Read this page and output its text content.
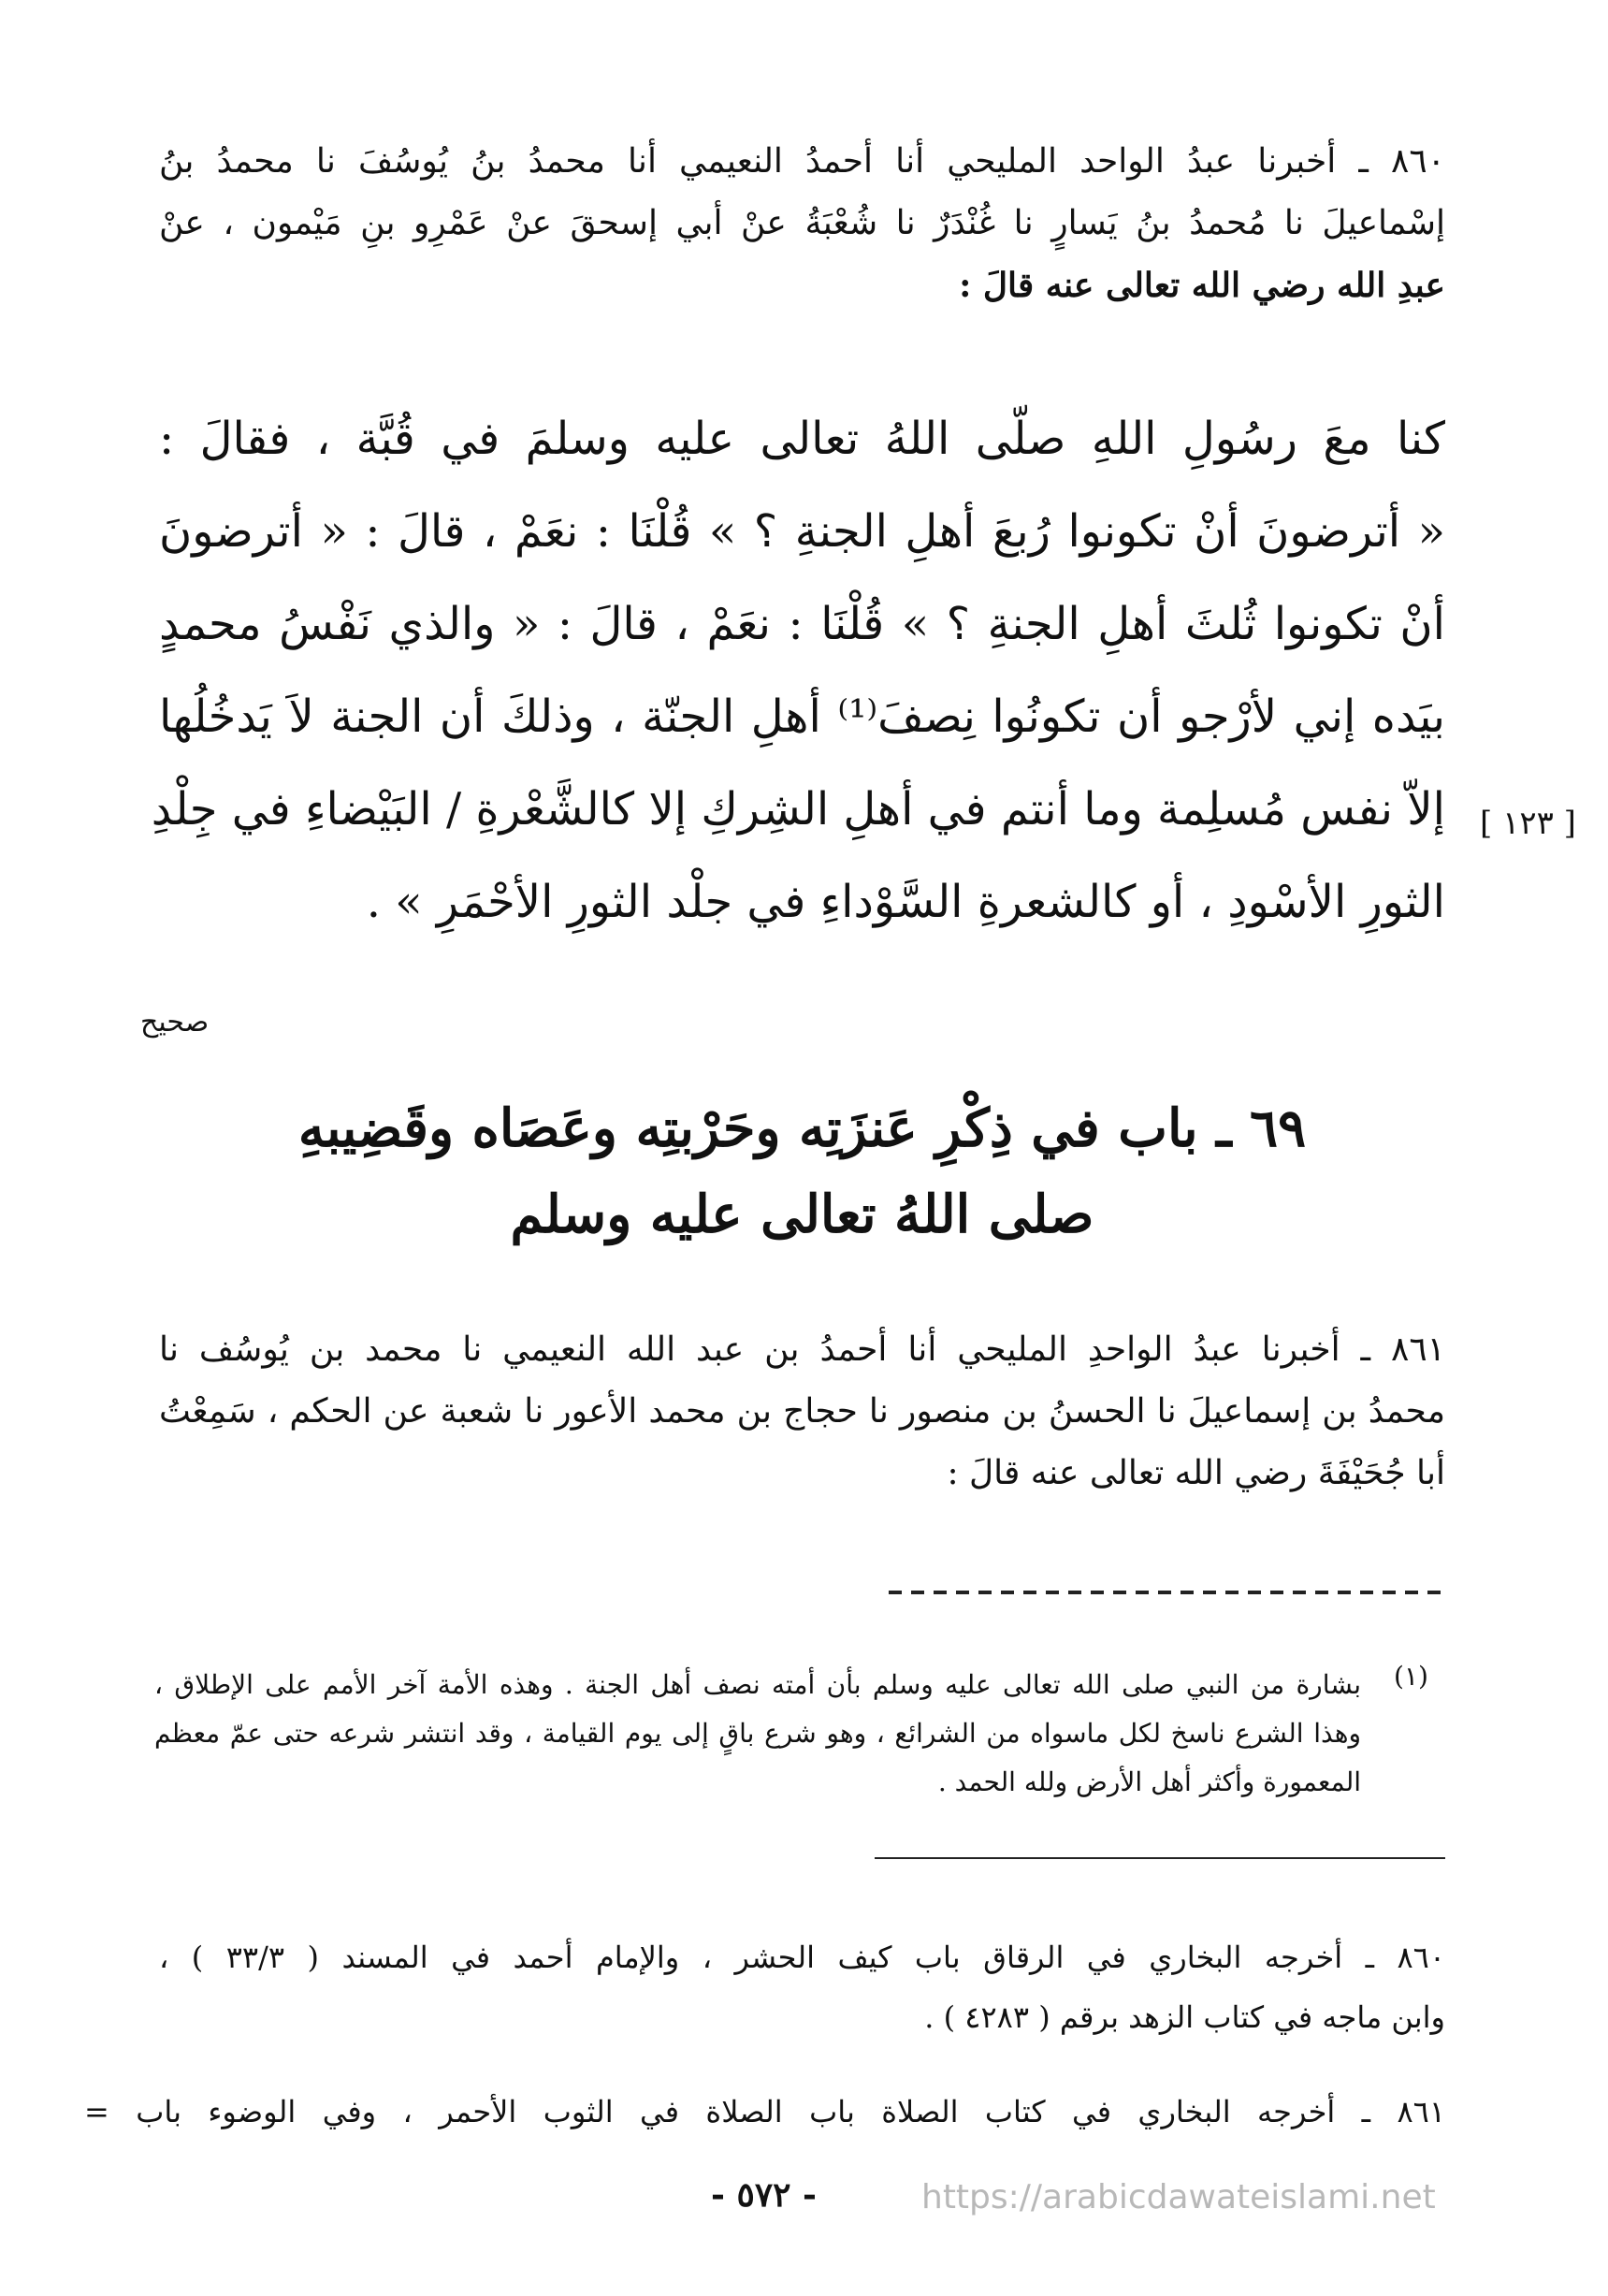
٨٦٠ ـ أخبرنا عبدُ الواحد المليحي أنا أحمدُ النعيمي أنا محمدُ بنُ يُوسُفَ نا محمدُ بنُ
إسْماعيلَ نا مُحمدُ بنُ يَسارٍ نا غُنْدَرٌ نا شُعْبَةُ عنْ أبي إسحقَ عنْ عَمْرِو بنِ مَيْمون ، عنْ
عبدِ الله رضي الله تعالى عنه قالَ :
كنا معَ رسُولِ اللهِ صلّى اللهُ تعالى عليه وسلمَ في قُبَّة ، فقالَ :
« أترضونَ أنْ تكونوا رُبعَ أهلِ الجنةِ ؟ » قُلْنَا : نعَمْ ، قالَ : « أترضونَ
أنْ تكونوا ثُلثَ أهلِ الجنةِ ؟ » قُلْنَا : نعَمْ ، قالَ : « والذي نَفْسُ محمدٍ
بيَده إني لأرْجو أن تكونُوا نِصفَ⁽¹⁾ أهلِ الجنّة ، وذلكَ أن الجنة لاَ يَدخُلُها
إلاّ نفس مُسلِمة وما أنتم في أهلِ الشِركِ إلا كالشَّعْرةِ / البَيْضاءِ في جِلْدِ
الثورِ الأسْودِ ، أو كالشعرةِ السَّوْداءِ في جلْد الثورِ الأحْمَرِ » .
[ ١٢٣ ]
صحيح
٦٩ ـ باب في ذِكْرِ عَنزَتِه وحَرْبتِه وعَصَاه وقَضِيبهِ
صلى اللهُ تعالى عليه وسلم
٨٦١ ـ أخبرنا عبدُ الواحدِ المليحي أنا أحمدُ بن عبد الله النعيمي نا محمد بن يُوسُف نا
محمدُ بن إسماعيلَ نا الحسنُ بن منصور نا حجاج بن محمد الأعور نا شعبة عن الحكم ، سَمِعْتُ
أبا جُحَيْفَةَ رضي الله تعالى عنه قالَ :
(١)
بشارة من النبي صلى الله تعالى عليه وسلم بأن أمته نصف أهل الجنة . وهذه الأمة آخر الأمم على الإطلاق ،
وهذا الشرع ناسخ لكل ماسواه من الشرائع ، وهو شرع باقٍ إلى يوم القيامة ، وقد انتشر شرعه حتى عمّ معظم
المعمورة وأكثر أهل الأرض ولله الحمد .
٨٦٠ ـ أخرجه البخاري في الرقاق باب كيف الحشر ، والإمام أحمد في المسند ( ٣٣/٣ ) ،
وابن ماجه في كتاب الزهد برقم ( ٤٢٨٣ ) .
٨٦١ ـ أخرجه البخاري في كتاب الصلاة باب الصلاة في الثوب الأحمر ، وفي الوضوء باب =
- ٥٧٢ -	https://arabicdawateislami.net
